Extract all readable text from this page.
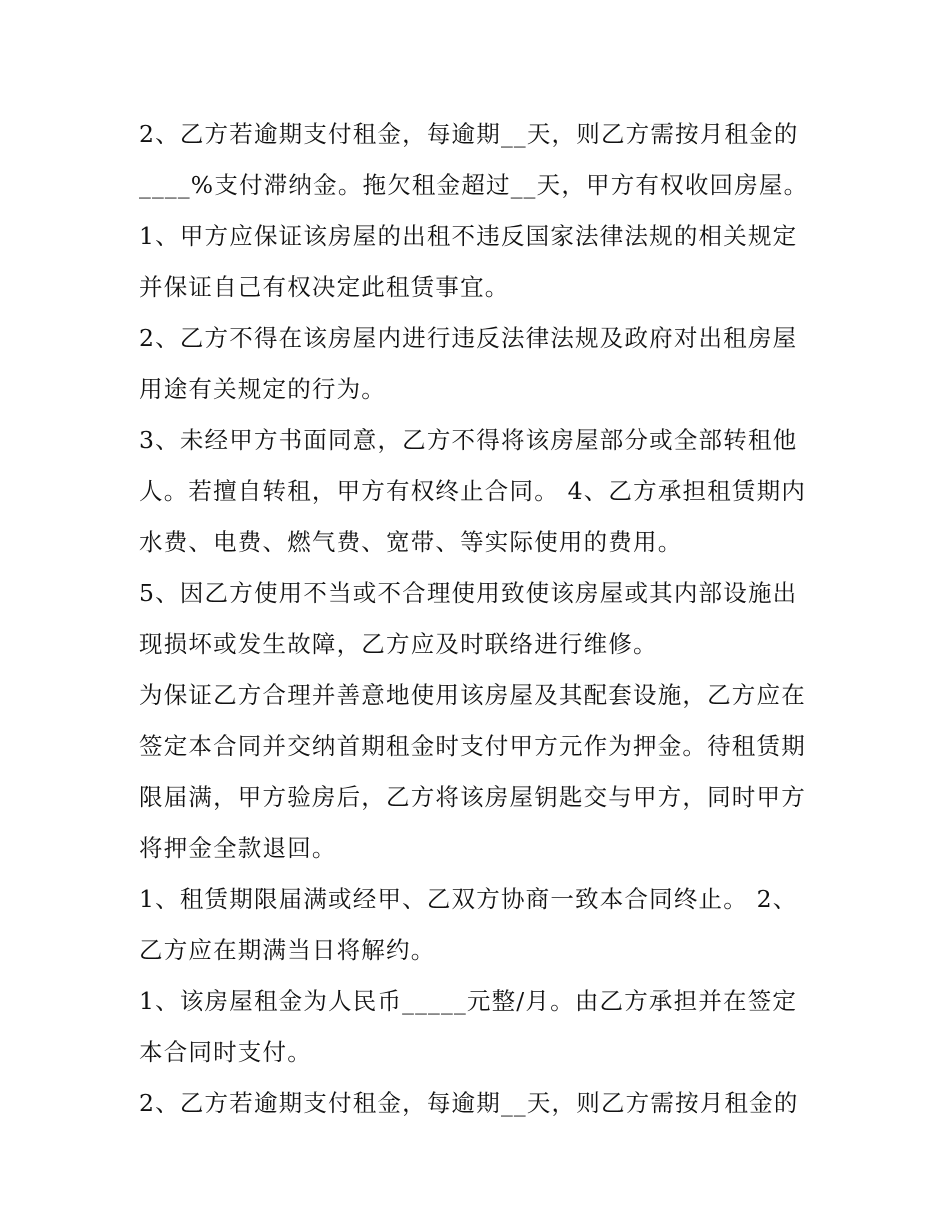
2、乙方若逾期支付租金，每逾期__天，则乙方需按月租金的
____%支付滞纳金。拖欠租金超过__天，甲方有权收回房屋。

1、甲方应保证该房屋的出租不违反国家法律法规的相关规定
并保证自己有权决定此租赁事宜。

2、乙方不得在该房屋内进行违反法律法规及政府对出租房屋
用途有关规定的行为。

3、未经甲方书面同意，乙方不得将该房屋部分或全部转租他
人。若擅自转租，甲方有权终止合同。 4、乙方承担租赁期内
水费、电费、燃气费、宽带、等实际使用的费用。

5、因乙方使用不当或不合理使用致使该房屋或其内部设施出
现损坏或发生故障，乙方应及时联络进行维修。

为保证乙方合理并善意地使用该房屋及其配套设施，乙方应在
签定本合同并交纳首期租金时支付甲方元作为押金。待租赁期
限届满，甲方验房后，乙方将该房屋钥匙交与甲方，同时甲方
将押金全款退回。

1、租赁期限届满或经甲、乙双方协商一致本合同终止。 2、
乙方应在期满当日将解约。

1、该房屋租金为人民币_____元整/月。由乙方承担并在签定
本合同时支付。

2、乙方若逾期支付租金，每逾期__天，则乙方需按月租金的
